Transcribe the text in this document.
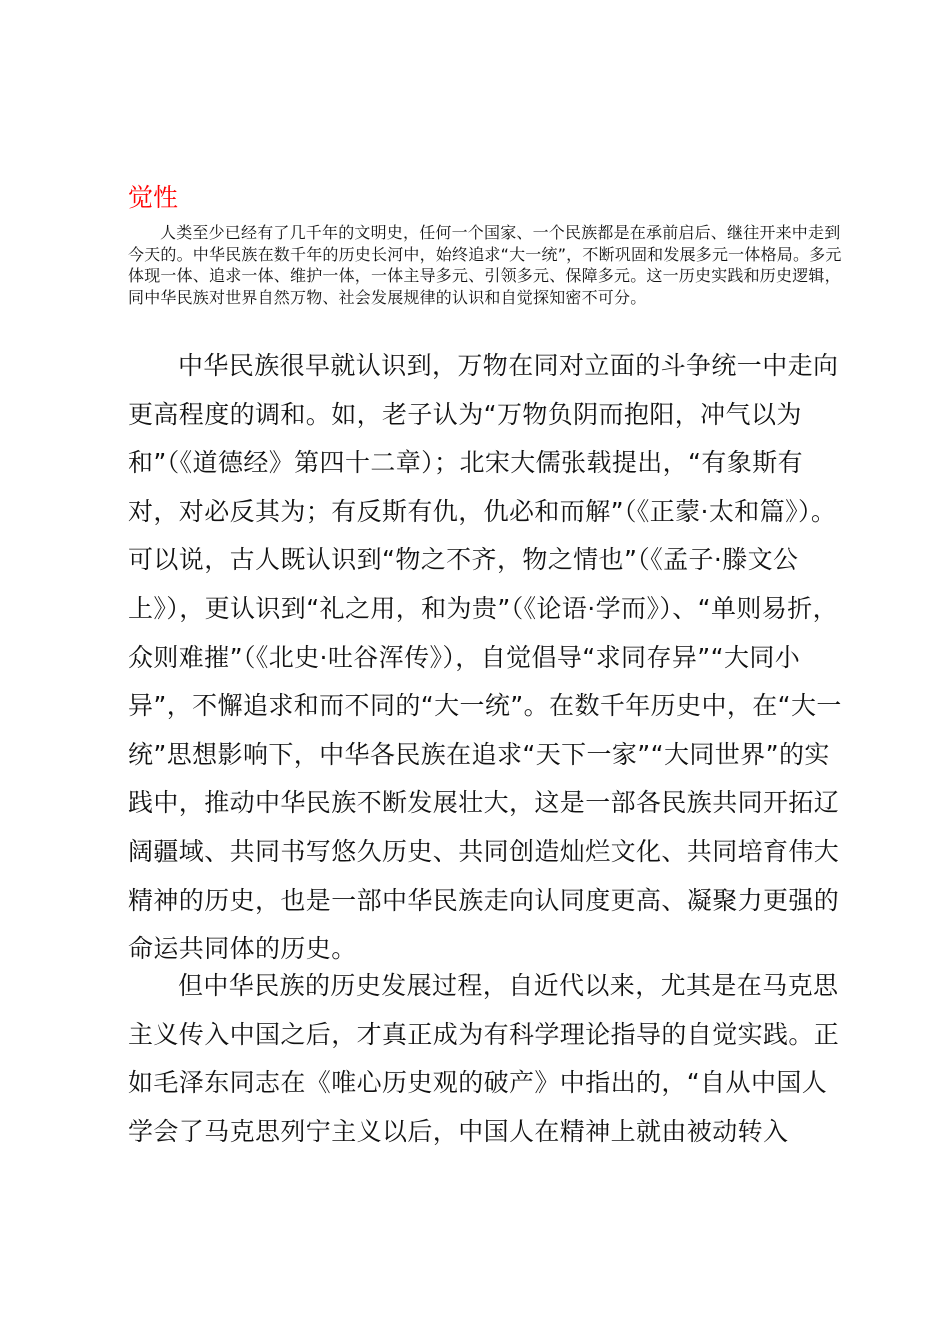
觉性

人类至少已经有了几千年的文明史，任何一个国家、一个民族都是在承前启后、继往开来中走到今天的。中华民族在数千年的历史长河中，始终追求“大一统”，不断巩固和发展多元一体格局。多元体现一体、追求一体、维护一体，一体主导多元、引领多元、保障多元。这一历史实践和历史逻辑，同中华民族对世界自然万物、社会发展规律的认识和自觉探知密不可分。

中华民族很早就认识到，万物在同对立面的斗争统一中走向更高程度的调和。如，老子认为“万物负阴而抱阳，冲气以为和”（《道德经》第四十二章）；北宋大儒张载提出，“有象斯有对，对必反其为；有反斯有仇，仇必和而解”（《正蒙·太和篇》）。可以说，古人既认识到“物之不齐，物之情也”（《孟子·滕文公上》），更认识到“礼之用，和为贵”（《论语·学而》）、“单则易折，众则难摧”（《北史·吐谷浑传》），自觉倡导“求同存异”“大同小异”，不懈追求和而不同的“大一统”。在数千年历史中，在“大一统”思想影响下，中华各民族在追求“天下一家”“大同世界”的实践中，推动中华民族不断发展壮大，这是一部各民族共同开拓辽阔疆域、共同书写悠久历史、共同创造灿烂文化、共同培育伟大精神的历史，也是一部中华民族走向认同度更高、凝聚力更强的命运共同体的历史。

但中华民族的历史发展过程，自近代以来，尤其是在马克思主义传入中国之后，才真正成为有科学理论指导的自觉实践。正如毛泽东同志在《唯心历史观的破产》中指出的，“自从中国人学会了马克思列宁主义以后，中国人在精神上就由被动转入
